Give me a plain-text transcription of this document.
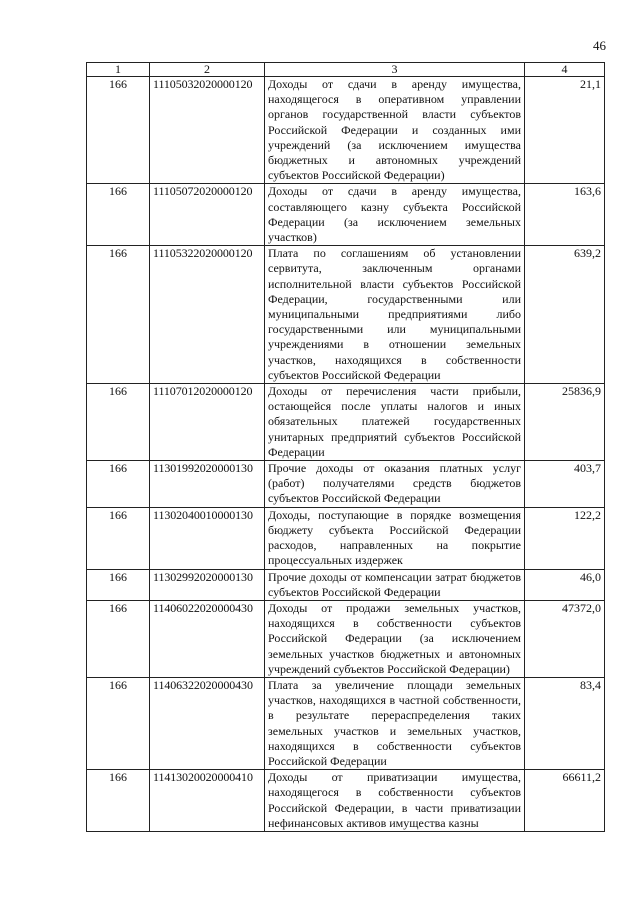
46
1	2	3	4
166	11105032020000120	Доходы от сдачи в аренду имущества, находящегося в оперативном управлении органов государственной власти субъектов Российской Федерации и созданных ими учреждений (за исключением имущества бюджетных и автономных учреждений субъектов Российской Федерации)	21,1
166	11105072020000120	Доходы от сдачи в аренду имущества, составляющего казну субъекта Российской Федерации (за исключением земельных участков)	163,6
166	11105322020000120	Плата по соглашениям об установлении сервитута, заключенным органами исполнительной власти субъектов Российской Федерации, государственными или муниципальными предприятиями либо государственными или муниципальными учреждениями в отношении земельных участков, находящихся в собственности субъектов Российской Федерации	639,2
166	11107012020000120	Доходы от перечисления части прибыли, остающейся после уплаты налогов и иных обязательных платежей государственных унитарных предприятий субъектов Российской Федерации	25836,9
166	11301992020000130	Прочие доходы от оказания платных услуг (работ) получателями средств бюджетов субъектов Российской Федерации	403,7
166	11302040010000130	Доходы, поступающие в порядке возмещения бюджету субъекта Российской Федерации расходов, направленных на покрытие процессуальных издержек	122,2
166	11302992020000130	Прочие доходы от компенсации затрат бюджетов субъектов Российской Федерации	46,0
166	11406022020000430	Доходы от продажи земельных участков, находящихся в собственности субъектов Российской Федерации (за исключением земельных участков бюджетных и автономных учреждений субъектов Российской Федерации)	47372,0
166	11406322020000430	Плата за увеличение площади земельных участков, находящихся в частной собственности, в результате перераспределения таких земельных участков и земельных участков, находящихся в собственности субъектов Российской Федерации	83,4
166	11413020020000410	Доходы от приватизации имущества, находящегося в собственности субъектов Российской Федерации, в части приватизации нефинансовых активов имущества казны	66611,2
